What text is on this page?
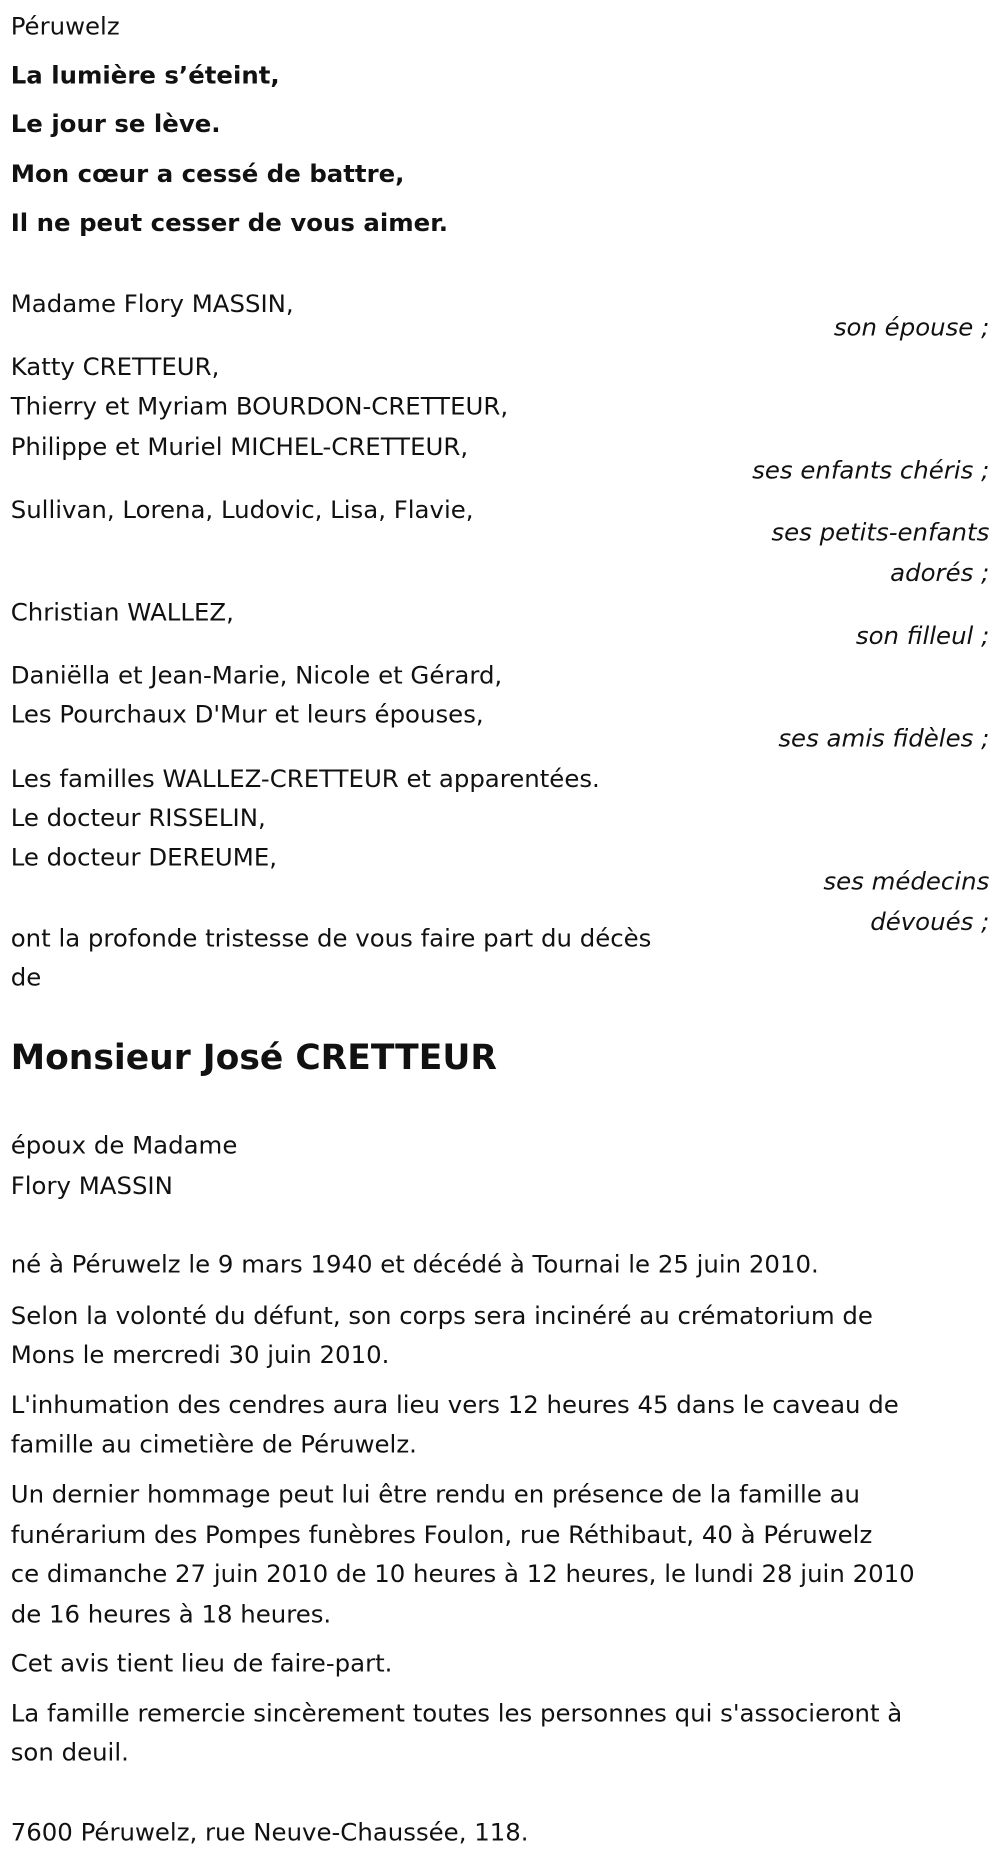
Péruwelz
La lumière s’éteint,
Le jour se lève.
Mon cœur a cessé de battre,
Il ne peut cesser de vous aimer.
Madame Flory MASSIN,
son épouse ;
Katty CRETTEUR,
Thierry et Myriam BOURDON-CRETTEUR,
Philippe et Muriel MICHEL-CRETTEUR,
ses enfants chéris ;
Sullivan, Lorena, Ludovic, Lisa, Flavie,
ses petits-enfants
adorés ;
Christian WALLEZ,
son filleul ;
Daniëlla et Jean-Marie, Nicole et Gérard,
Les Pourchaux D'Mur et leurs épouses,
ses amis fidèles ;
Les familles WALLEZ-CRETTEUR et apparentées.
Le docteur RISSELIN,
Le docteur DEREUME,
ses médecins
dévoués ;
ont la profonde tristesse de vous faire part du décès
de
Monsieur José CRETTEUR
époux de Madame
Flory MASSIN
né à Péruwelz le 9 mars 1940 et décédé à Tournai le 25 juin 2010.
Selon la volonté du défunt, son corps sera incinéré au crématorium de
Mons le mercredi 30 juin 2010.
L'inhumation des cendres aura lieu vers 12 heures 45 dans le caveau de
famille au cimetière de Péruwelz.
Un dernier hommage peut lui être rendu en présence de la famille au
funérarium des Pompes funèbres Foulon, rue Réthibaut, 40 à Péruwelz
ce dimanche 27 juin 2010 de 10 heures à 12 heures, le lundi 28 juin 2010
de 16 heures à 18 heures.
Cet avis tient lieu de faire-part.
La famille remercie sincèrement toutes les personnes qui s'associeront à
son deuil.
7600 Péruwelz, rue Neuve-Chaussée, 118.
